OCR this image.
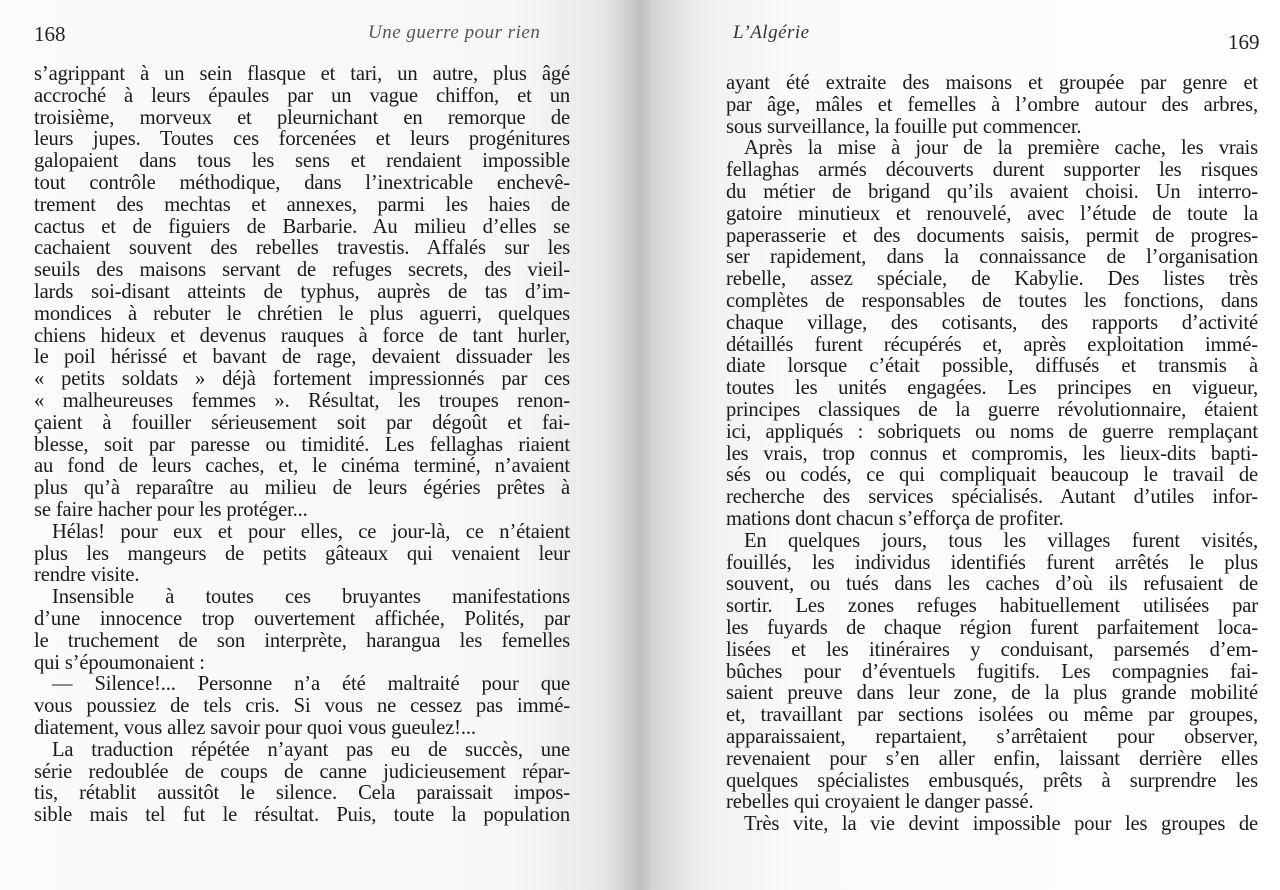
168	Une guerre pour rien
s’agrippant à un sein flasque et tari, un autre, plus âgé
accroché à leurs épaules par un vague chiffon, et un
troisième, morveux et pleurnichant en remorque de
leurs jupes. Toutes ces forcenées et leurs progénitures
galopaient dans tous les sens et rendaient impossible
tout contrôle méthodique, dans l’inextricable enchevê-
trement des mechtas et annexes, parmi les haies de
cactus et de figuiers de Barbarie. Au milieu d’elles se
cachaient souvent des rebelles travestis. Affalés sur les
seuils des maisons servant de refuges secrets, des vieil-
lards soi-disant atteints de typhus, auprès de tas d’im-
mondices à rebuter le chrétien le plus aguerri, quelques
chiens hideux et devenus rauques à force de tant hurler,
le poil hérissé et bavant de rage, devaient dissuader les
« petits soldats » déjà fortement impressionnés par ces
« malheureuses femmes ». Résultat, les troupes renon-
çaient à fouiller sérieusement soit par dégoût et fai-
blesse, soit par paresse ou timidité. Les fellaghas riaient
au fond de leurs caches, et, le cinéma terminé, n’avaient
plus qu’à reparaître au milieu de leurs égéries prêtes à
se faire hacher pour les protéger...
Hélas! pour eux et pour elles, ce jour-là, ce n’étaient
plus les mangeurs de petits gâteaux qui venaient leur
rendre visite.
Insensible à toutes ces bruyantes manifestations
d’une innocence trop ouvertement affichée, Polités, par
le truchement de son interprète, harangua les femelles
qui s’époumonaient :
— Silence!... Personne n’a été maltraité pour que
vous poussiez de tels cris. Si vous ne cessez pas immé-
diatement, vous allez savoir pour quoi vous gueulez!...
La traduction répétée n’ayant pas eu de succès, une
série redoublée de coups de canne judicieusement répar-
tis, rétablit aussitôt le silence. Cela paraissait impos-
sible mais tel fut le résultat. Puis, toute la population
L’Algérie	169
ayant été extraite des maisons et groupée par genre et
par âge, mâles et femelles à l’ombre autour des arbres,
sous surveillance, la fouille put commencer.
Après la mise à jour de la première cache, les vrais
fellaghas armés découverts durent supporter les risques
du métier de brigand qu’ils avaient choisi. Un interro-
gatoire minutieux et renouvelé, avec l’étude de toute la
paperasserie et des documents saisis, permit de progres-
ser rapidement, dans la connaissance de l’organisation
rebelle, assez spéciale, de Kabylie. Des listes très
complètes de responsables de toutes les fonctions, dans
chaque village, des cotisants, des rapports d’activité
détaillés furent récupérés et, après exploitation immé-
diate lorsque c’était possible, diffusés et transmis à
toutes les unités engagées. Les principes en vigueur,
principes classiques de la guerre révolutionnaire, étaient
ici, appliqués : sobriquets ou noms de guerre remplaçant
les vrais, trop connus et compromis, les lieux-dits bapti-
sés ou codés, ce qui compliquait beaucoup le travail de
recherche des services spécialisés. Autant d’utiles infor-
mations dont chacun s’efforça de profiter.
En quelques jours, tous les villages furent visités,
fouillés, les individus identifiés furent arrêtés le plus
souvent, ou tués dans les caches d’où ils refusaient de
sortir. Les zones refuges habituellement utilisées par
les fuyards de chaque région furent parfaitement loca-
lisées et les itinéraires y conduisant, parsemés d’em-
bûches pour d’éventuels fugitifs. Les compagnies fai-
saient preuve dans leur zone, de la plus grande mobilité
et, travaillant par sections isolées ou même par groupes,
apparaissaient, repartaient, s’arrêtaient pour observer,
revenaient pour s’en aller enfin, laissant derrière elles
quelques spécialistes embusqués, prêts à surprendre les
rebelles qui croyaient le danger passé.
Très vite, la vie devint impossible pour les groupes de
